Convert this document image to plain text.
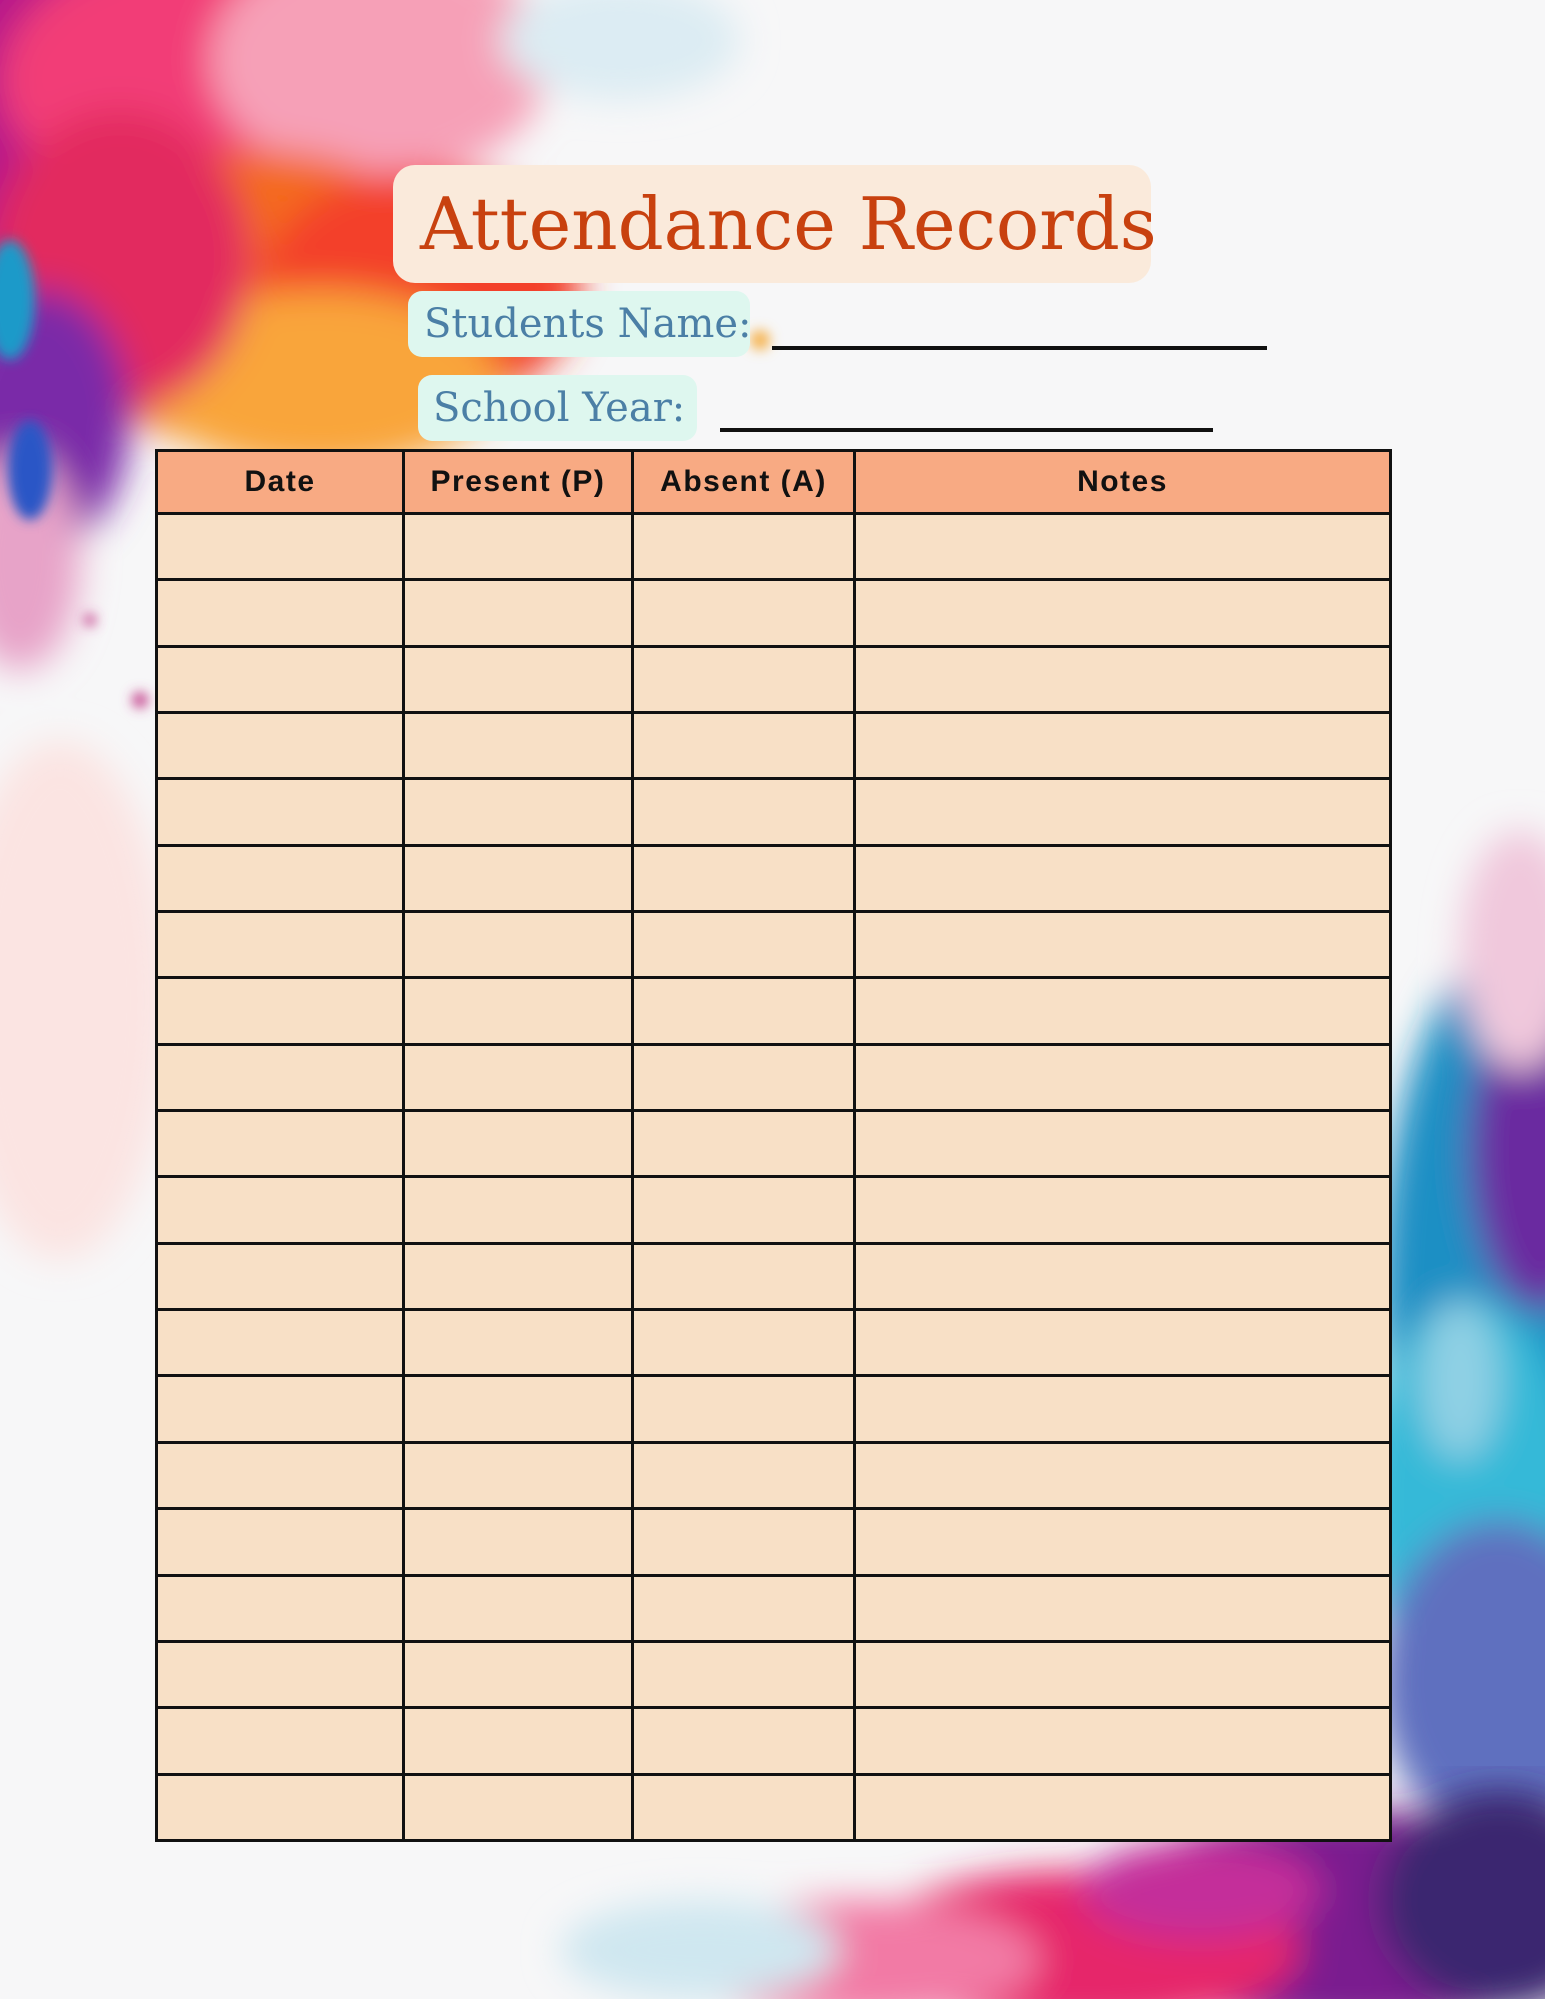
Attendance Records
Students Name:
School Year:
Date	Present (P)	Absent (A)	Notes
